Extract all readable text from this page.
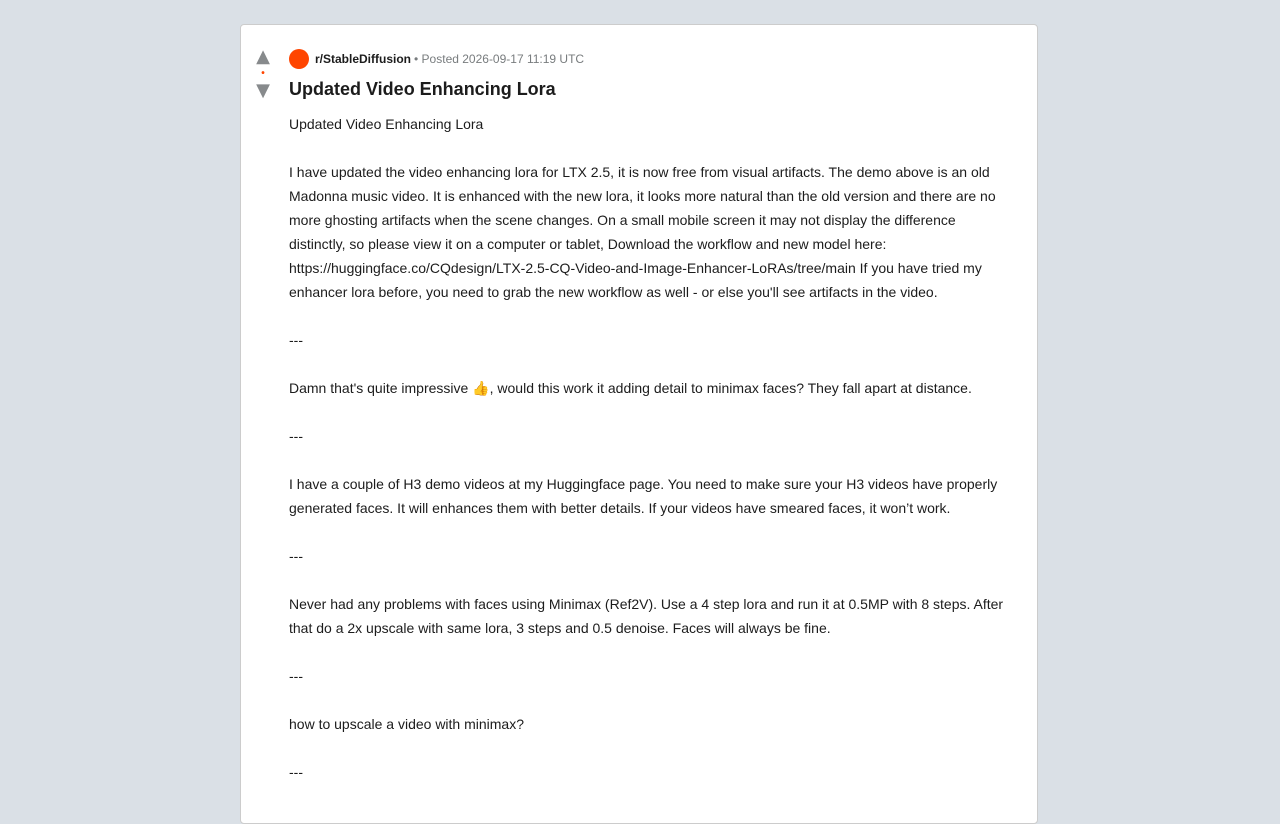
▲
•
▼
r/StableDiffusion • Posted 2026-09-17 11:19 UTC
Updated Video Enhancing Lora

Updated Video Enhancing Lora

I have updated the video enhancing lora for LTX 2.5, it is now free from visual artifacts. The demo above is an old Madonna music video. It is enhanced with the new lora, it looks more natural than the old version and there are no more ghosting artifacts when the scene changes. On a small mobile screen it may not display the difference distinctly, so please view it on a computer or tablet, Download the workflow and new model here: https://huggingface.co/CQdesign/LTX-2.5-CQ-Video-and-Image-Enhancer-LoRAs/tree/main If you have tried my enhancer lora before, you need to grab the new workflow as well - or else you'll see artifacts in the video.

---

Damn that's quite impressive 👍, would this work it adding detail to minimax faces? They fall apart at distance.

---

I have a couple of H3 demo videos at my Huggingface page. You need to make sure your H3 videos have properly generated faces. It will enhances them with better details. If your videos have smeared faces, it won’t work.

---

Never had any problems with faces using Minimax (Ref2V). Use a 4 step lora and run it at 0.5MP with 8 steps. After that do a 2x upscale with same lora, 3 steps and 0.5 denoise. Faces will always be fine.

---

how to upscale a video with minimax?

---
